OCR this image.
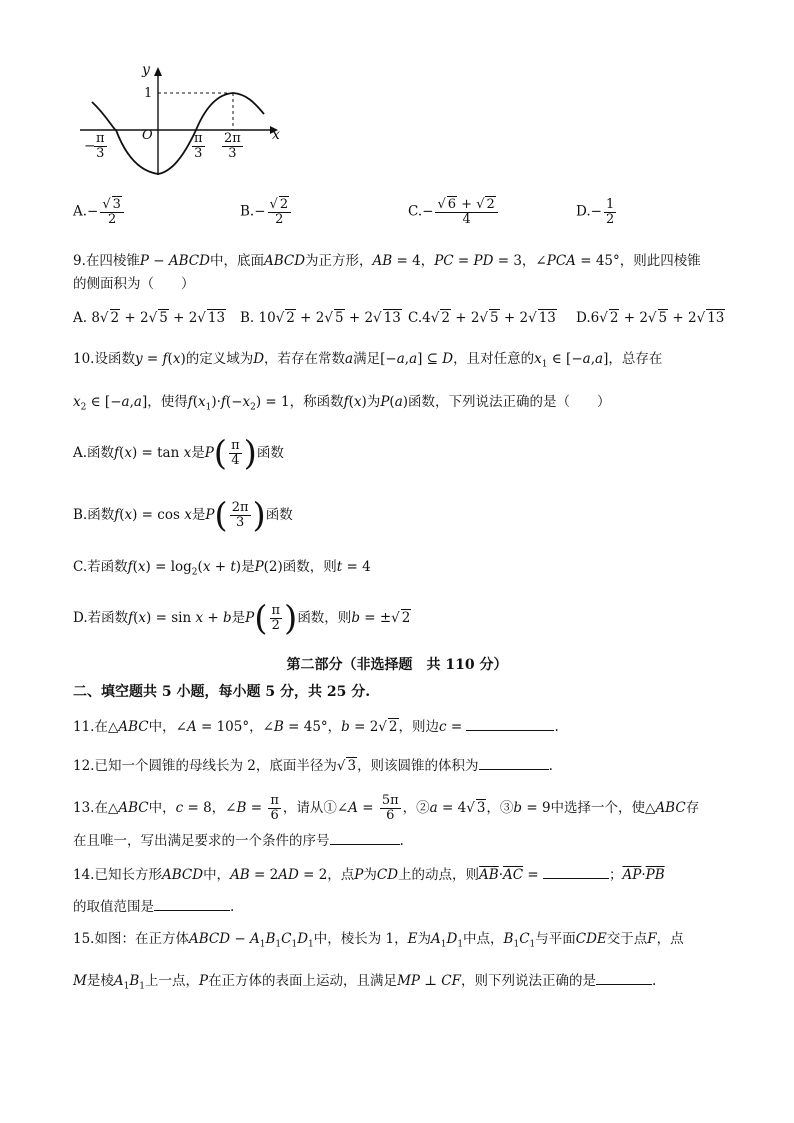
y
x
O
1
−
$\frac{\pi}{3}$	$\frac{\pi}{3} \frac{2\pi}{3}$
$A.- \frac{√ 3}{2}$	$B.- \frac{√ 2}{2}$	$C.- \frac{√ 6 + √ 2}{4}$	$D.- \frac{1}{2}$
9.在四棱锥P − ABCD中，底面ABCD为正方形，AB = 4，PC = PD = 3，∠PCA = 45°，则此四棱锥
的侧面积为（　　）
A. 8√ 2 + 2√ 5 + 2√ 13 B. 10√ 2 + 2√ 5 + 2√ 13 C.4√ 2 + 2√ 5 + 2√ 13 D.6√ 2 + 2√ 5 + 2√ 13
10.设函数y = f(x)的定义域为D，若存在常数a满足[−a,a] ⊆ D，且对任意的$x_1$ ∈ [−a,a]，总存在
$x_2$ ∈ [−a,a]，使得$f(x_1)\cdot f(-x_2) = 1$，称函数f(x)为P(a)函数，下列说法正确的是（　　）
A.函数f(x) = tan x是$P( \frac{\pi}{4}$ )函数
B.函数f(x) = cos x是$P( \frac{2\pi}{3}$ )函数
C.若函数$f(x) = \log_2(x + t)$是P(2)函数，则t = 4
D.若函数f(x) = sin x + b是$P( \frac{\pi}{2}$ )函数，则b = ±√ 2
第二部分（非选择题　共 110 分）
二、填空题共 5 小题，每小题 5 分，共 25 分.
11.在△ABC中，∠A = 105°，∠B = 45°，b = 2√ 2，则边c =	.
12.已知一个圆锥的母线长为 2，底面半径为√ 3，则该圆锥的体积为	.
13.在△ABC中，c = 8，∠B = $\frac{\pi}{6}$ ，请从①∠A = $\frac{5\pi}{6}$ ，②a = 4√ 3，③b = 9中选择一个，使△ABC存
在且唯一，写出满足要求的一个条件的序号	.
14.已知长方形ABCD中，AB = 2AD = 2，点P为CD上的动点，则$\overline{AB}\cdot\overline{AC}$ =	；$\overline{AP}\cdot\overline{PB}$
的取值范围是	.
15.如图：在正方体ABCD − $A_1B_1C_1D_1$中，棱长为 1，E为$A_1D_1$中点，$B_1C_1$与平面CDE交于点F，点
M是棱$A_1B_1$上一点，P在正方体的表面上运动，且满足MP ⊥ CF，则下列说法正确的是	.
